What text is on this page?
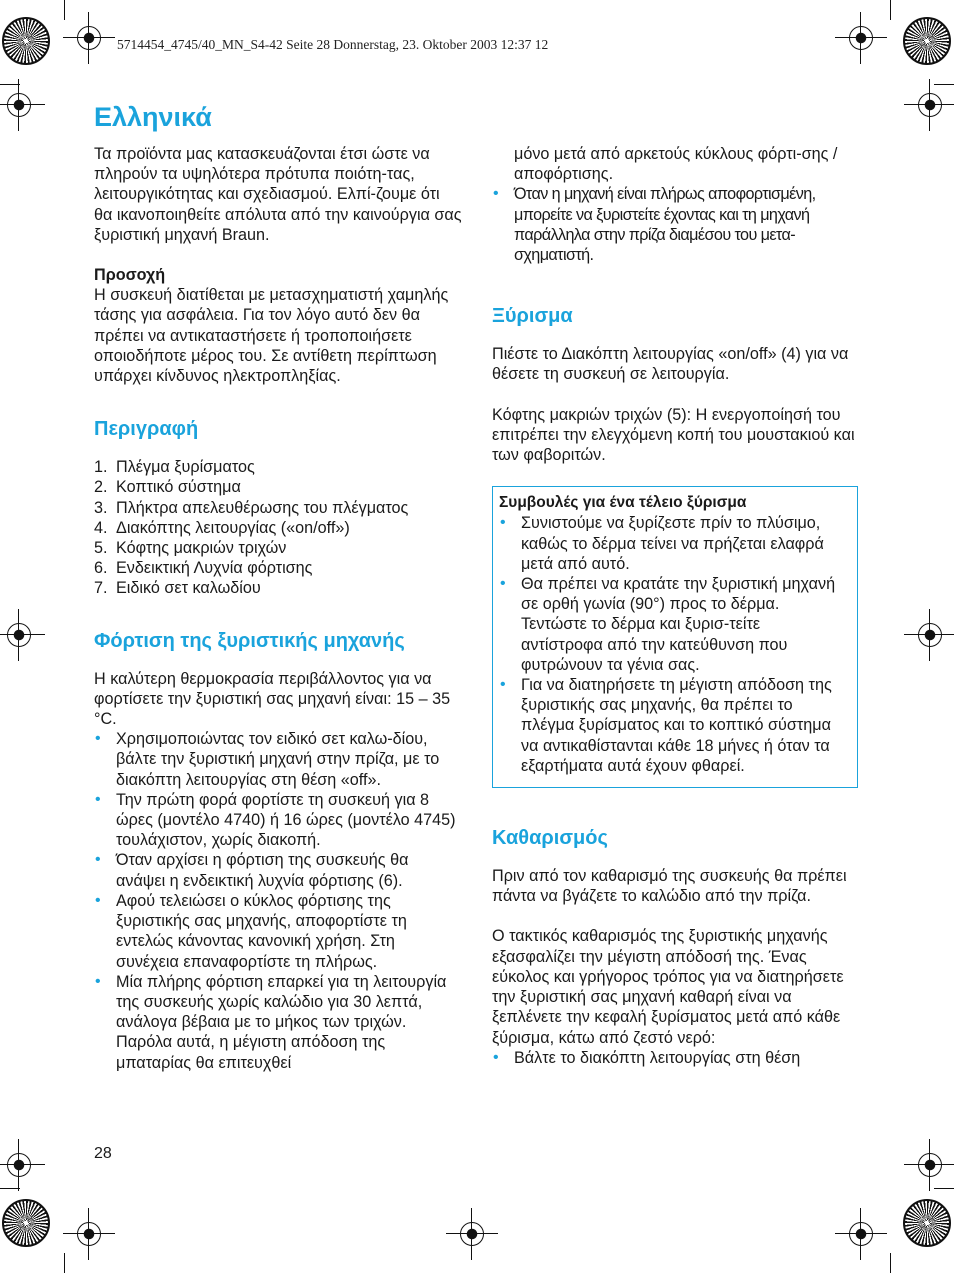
5714454_4745/40_MN_S4-42 Seite 28 Donnerstag, 23. Oktober 2003 12:37 12
Ελληνικά

Τα προϊόντα μας κατασκευάζονται έτσι ώστε να πληρούν τα υψηλότερα πρότυπα ποιότη-τας, λειτουργικότητας και σχεδιασμού. Ελπί-ζουμε ότι θα ικανοποιηθείτε απόλυτα από την καινούργια σας ξυριστική μηχανή Braun.

Προσοχή

Η συσκευή διατίθεται με μετασχηματιστή χαμηλής τάσης για ασφάλεια. Για τον λόγο αυτό δεν θα πρέπει να αντικαταστήσετε ή τροποποιήσετε οποιοδήποτε μέρος του. Σε αντίθετη περίπτωση υπάρχει κίνδυνος ηλεκτροπληξίας.

Περιγραφή
1. Πλέγμα ξυρίσματος
2. Κοπτικό σύστημα
3. Πλήκτρα απελευθέρωσης του πλέγματος
4. Διακόπτης λειτουργίας («on/off»)
5. Κόφτης μακριών τριχών
6. Ενδεικτική Λυχνία φόρτισης
7. Ειδικό σετ καλωδίου
Φόρτιση της ξυριστικής μηχανής

Η καλύτερη θερμοκρασία περιβάλλοντος για να φορτίσετε την ξυριστική σας μηχανή είναι: 15 – 35 °C.

• Χρησιμοποιώντας τον ειδικό σετ καλω-δίου, βάλτε την ξυριστική μηχανή στην πρίζα, με το διακόπτη λειτουργίας στη θέση «off».
• Την πρώτη φορά φορτίστε τη συσκευή για 8 ώρες (μοντέλο 4740) ή 16 ώρες (μοντέλο 4745) τουλάχιστον, χωρίς διακοπή.
• Όταν αρχίσει η φόρτιση της συσκευής θα ανάψει η ενδεικτική λυχνία φόρτισης (6).
• Αφού τελειώσει ο κύκλος φόρτισης της ξυριστικής σας μηχανής, αποφορτίστε τη εντελώς κάνοντας κανονική χρήση. Στη συνέχεια επαναφορτίστε τη πλήρως.
• Μία πλήρης φόρτιση επαρκεί για τη λειτουργία της συσκευής χωρίς καλώδιο για 30 λεπτά, ανάλογα βέβαια με το μήκος των τριχών. Παρόλα αυτά, η μέγιστη απόδοση της μπαταρίας θα επιτευχθεί

μόνο μετά από αρκετούς κύκλους φόρτι-σης / αποφόρτισης.

• Όταν η μηχανή είναι πλήρως αποφορτισμένη, μπορείτε να ξυριστείτε έχοντας και τη μηχανή παράλληλα στην πρίζα διαμέσου του μετα-σχηματιστή.
Ξύρισμα

Πιέστε το Διακόπτη λειτουργίας «on/off» (4) για να θέσετε τη συσκευή σε λειτουργία.

Κόφτης μακριών τριχών (5): Η ενεργοποίησή του επιτρέπει την ελεγχόμενη κοπή του μουστακιού και των φαβοριτών.

Συμβουλές για ένα τέλειο ξύρισμα

• Συνιστούμε να ξυρίζεστε πρίν το πλύσιμο, καθώς το δέρμα τείνει να πρήζεται ελαφρά μετά από αυτό.
• Θα πρέπει να κρατάτε την ξυριστική μηχανή σε ορθή γωνία (90°) προς το δέρμα. Τεντώστε το δέρμα και ξυρισ-τείτε αντίστροφα από την κατεύθυνση που φυτρώνουν τα γένια σας.
• Για να διατηρήσετε τη μέγιστη απόδοση της ξυριστικής σας μηχανής, θα πρέπει το πλέγμα ξυρίσματος και το κοπτικό σύστημα να αντικαθίστανται κάθε 18 μήνες ή όταν τα εξαρτήματα αυτά έχουν φθαρεί.
Καθαρισμός

Πριν από τον καθαρισμό της συσκευής θα πρέπει πάντα να βγάζετε το καλώδιο από την πρίζα.

Ο τακτικός καθαρισμός της ξυριστικής μηχανής εξασφαλίζει την μέγιστη απόδοσή της. Ένας εύκολος και γρήγορος τρόπος για να διατηρήσετε την ξυριστική σας μηχανή καθαρή είναι να ξεπλένετε την κεφαλή ξυρίσματος μετά από κάθε ξύρισμα, κάτω από ζεστό νερό:

• Βάλτε το διακόπτη λειτουργίας στη θέση
28
